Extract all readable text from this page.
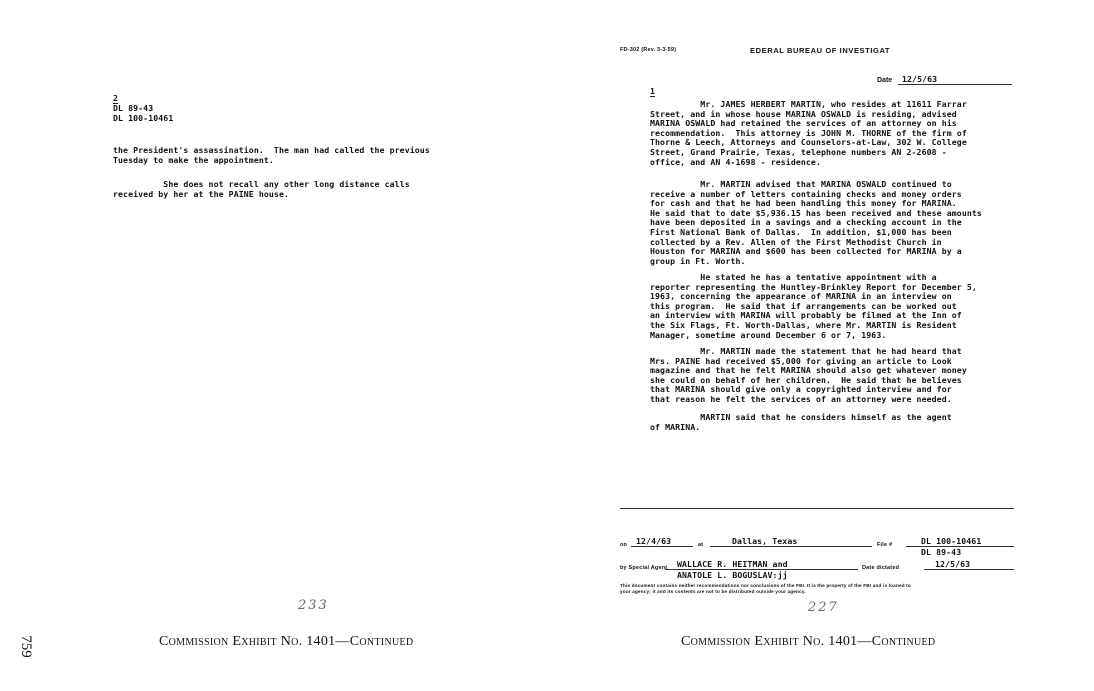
2
DL 89-43
DL 100-10461
the President's assassination.  The man had called the previous
Tuesday to make the appointment.
She does not recall any other long distance calls
received by her at the PAINE house.
233
Commission Exhibit No. 1401—Continued
759
FD-302 (Rev. 3-3-59)	EDERAL BUREAU OF INVESTIGAT
Date 12/5/63
1
Mr. JAMES HERBERT MARTIN, who resides at 11611 Farrar
Street, and in whose house MARINA OSWALD is residing, advised
MARINA OSWALD had retained the services of an attorney on his
recommendation.  This attorney is JOHN M. THORNE of the firm of
Thorne & Leech, Attorneys and Counselors-at-Law, 302 W. College
Street, Grand Prairie, Texas, telephone numbers AN 2-2608 -
office, and AN 4-1698 - residence.
Mr. MARTIN advised that MARINA OSWALD continued to
receive a number of letters containing checks and money orders
for cash and that he had been handling this money for MARINA.
He said that to date $5,936.15 has been received and these amounts
have been deposited in a savings and a checking account in the
First National Bank of Dallas.  In addition, $1,000 has been
collected by a Rev. Allen of the First Methodist Church in
Houston for MARINA and $600 has been collected for MARINA by a
group in Ft. Worth.
He stated he has a tentative appointment with a
reporter representing the Huntley-Brinkley Report for December 5,
1963, concerning the appearance of MARINA in an interview on
this program.  He said that if arrangements can be worked out
an interview with MARINA will probably be filmed at the Inn of
the Six Flags, Ft. Worth-Dallas, where Mr. MARTIN is Resident
Manager, sometime around December 6 or 7, 1963.
Mr. MARTIN made the statement that he had heard that
Mrs. PAINE had received $5,000 for giving an article to Look
magazine and that he felt MARINA should also get whatever money
she could on behalf of her children.  He said that he believes
that MARINA should give only a copyrighted interview and for
that reason he felt the services of an attorney were needed.
MARTIN said that he considers himself as the agent
of MARINA.
on 12/4/63	at	Dallas, Texas	File #	DL 100-10461
DL 89-43
by Special Agent WALLACE R. HEITMAN and
ANATOLE L. BOGUSLAV:jj
Date dictated	12/5/63
This document contains neither recommendations nor conclusions of the FBI. It is the property of the FBI and is loaned to
your agency; it and its contents are not to be distributed outside your agency.
227
Commission Exhibit No. 1401—Continued
